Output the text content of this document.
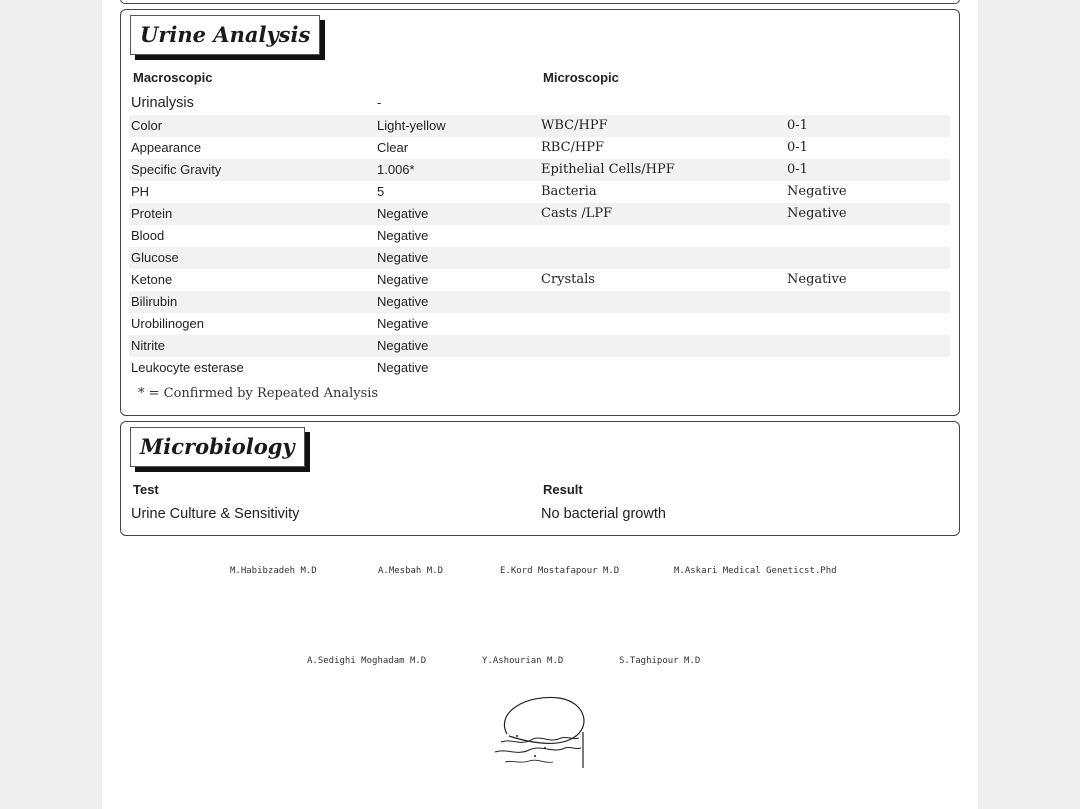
Urine Analysis
Macroscopic	Microscopic
Urinalysis	-
Color	Light-yellow	WBC/HPF	0-1
Appearance	Clear	RBC/HPF	0-1
Specific Gravity	1.006*	Epithelial Cells/HPF	0-1
PH	5	Bacteria	Negative
Protein	Negative	Casts /LPF	Negative
Blood	Negative
Glucose	Negative
Ketone	Negative	Crystals	Negative
Bilirubin	Negative
Urobilinogen	Negative
Nitrite	Negative
Leukocyte esterase	Negative
* = Confirmed by Repeated Analysis
Microbiology
Test	Result
Urine Culture & Sensitivity	No bacterial growth
M.Habibzadeh M.D	A.Mesbah M.D	E.Kord Mostafapour M.D	M.Askari Medical Geneticst.Phd
A.Sedighi Moghadam M.D	Y.Ashourian M.D	S.Taghipour M.D
